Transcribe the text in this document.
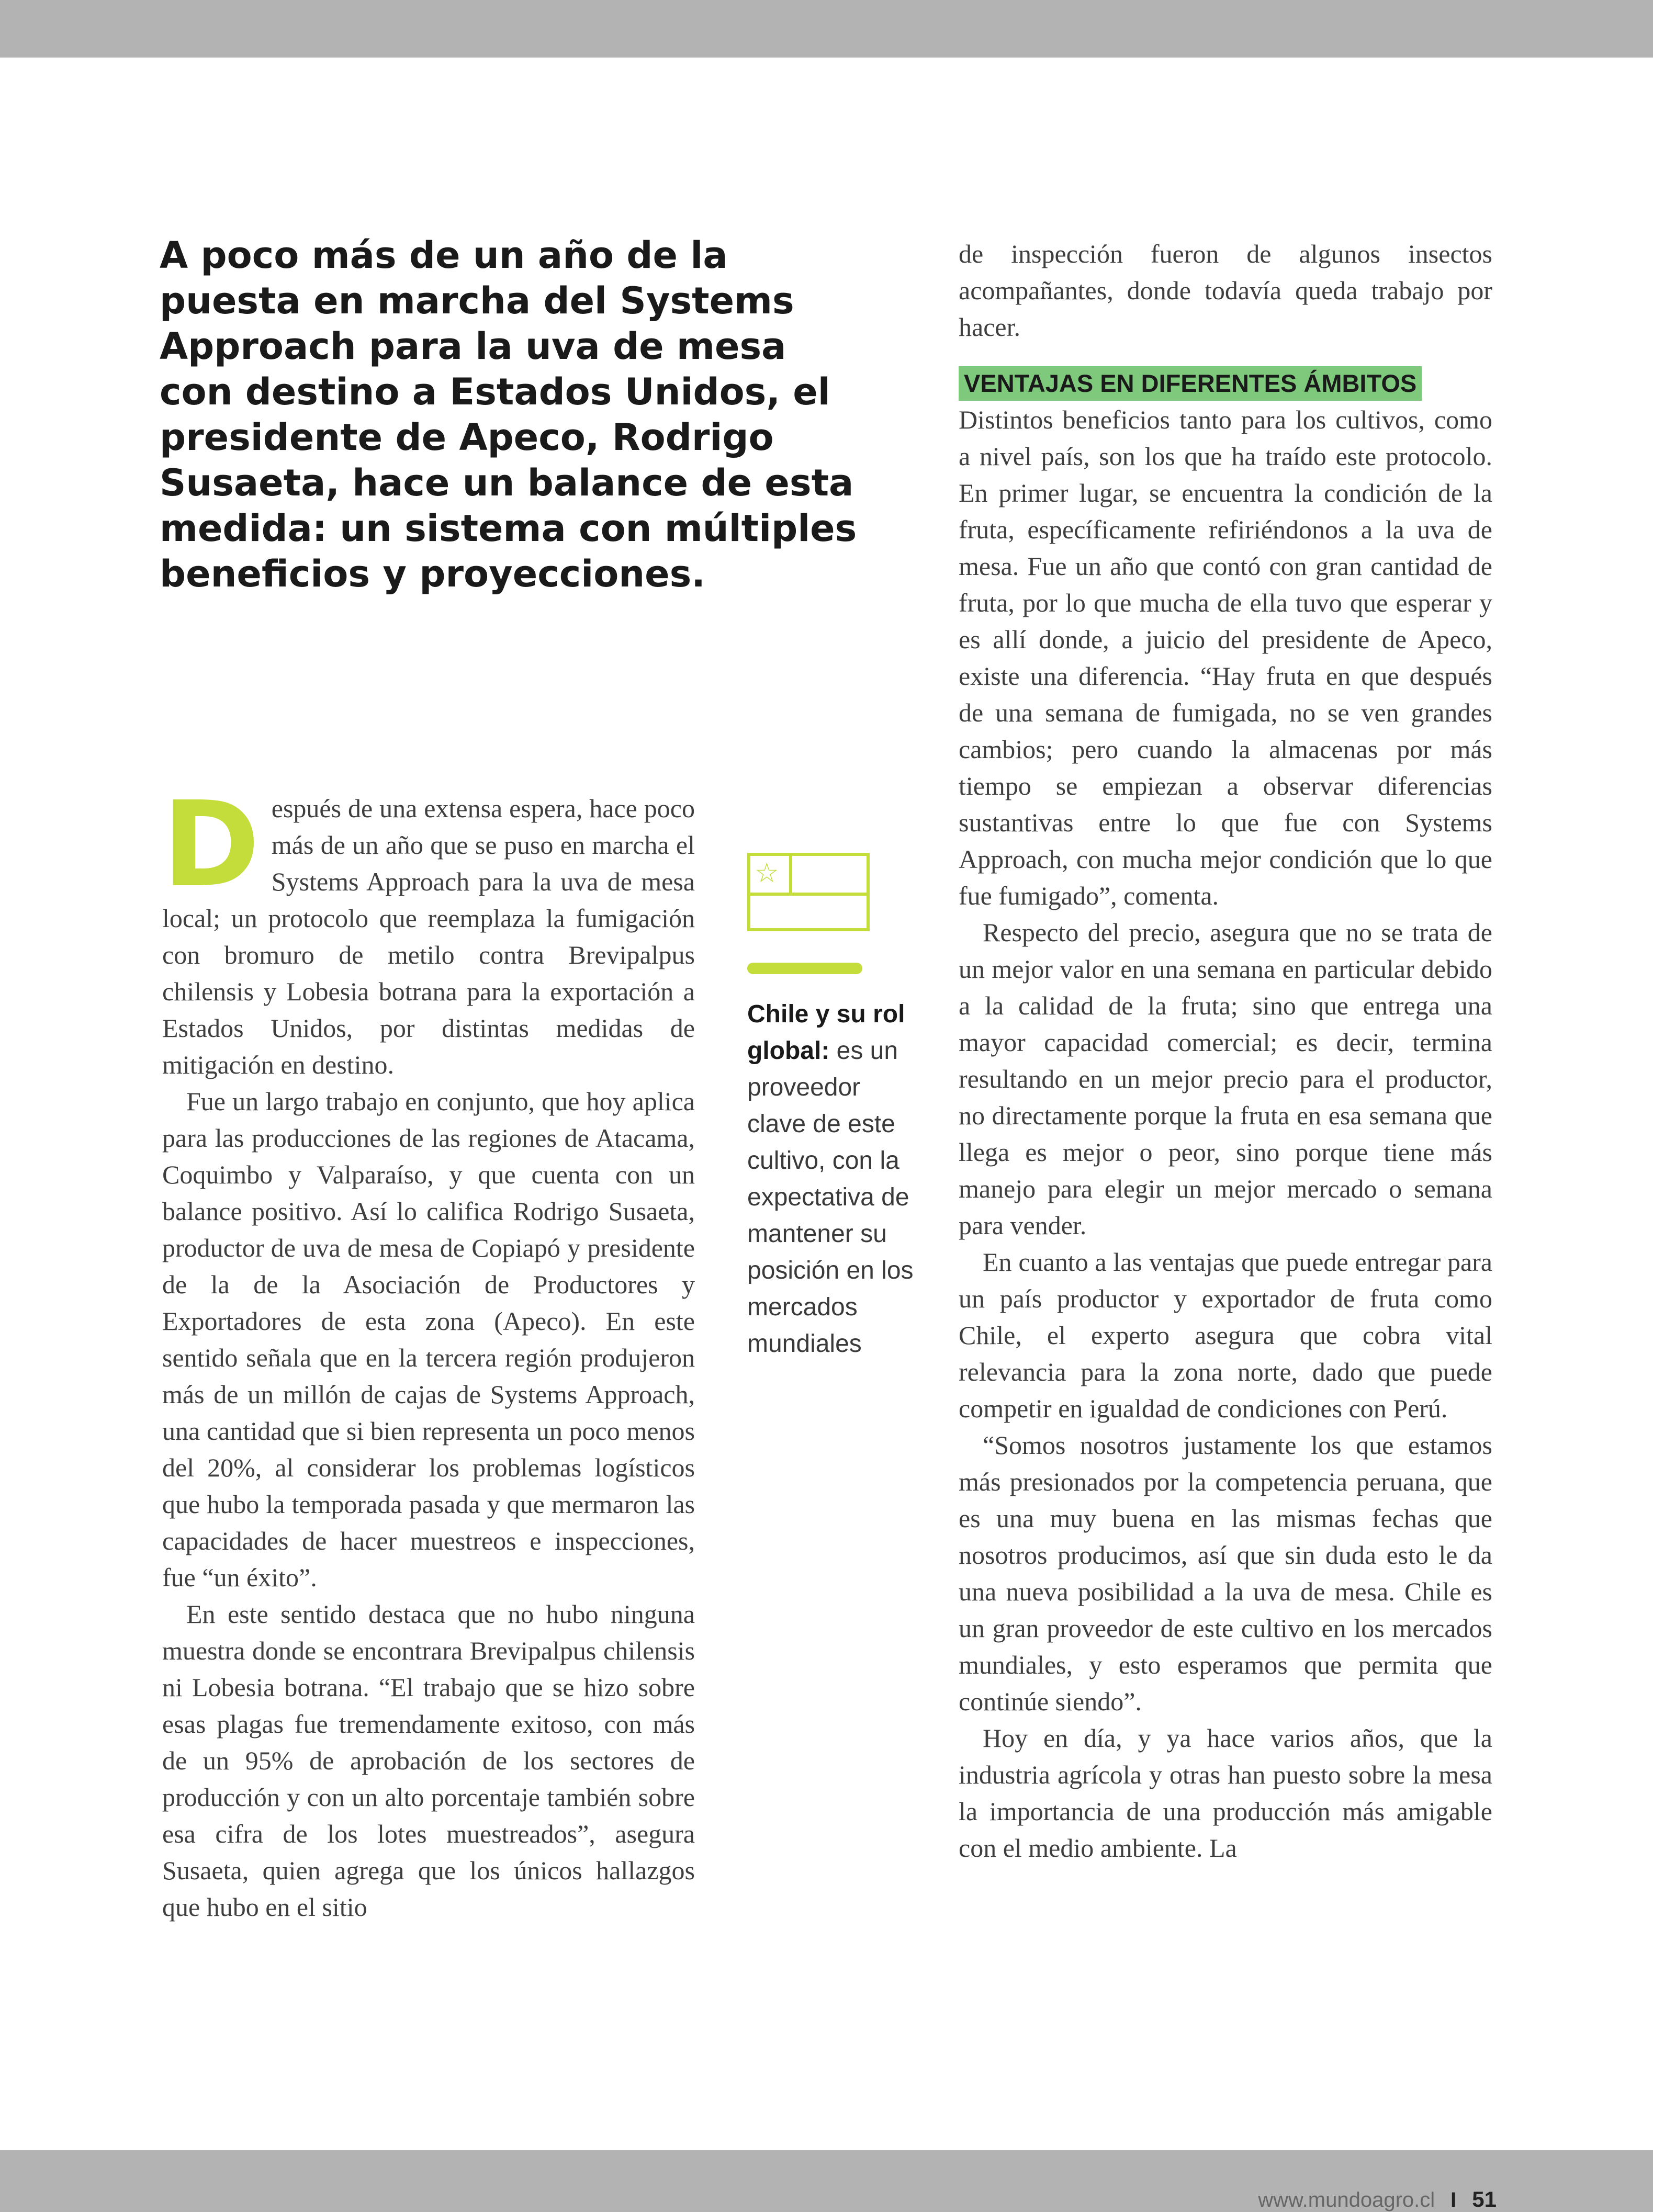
A poco más de un año de la puesta en marcha del Systems Approach para la uva de mesa con destino a Estados Unidos, el presidente de Apeco, Rodrigo Susaeta, hace un balance de esta medida: un sistema con múltiples beneficios y proyecciones.

Después de una extensa espera, hace poco más de un año que se puso en marcha el Systems Approach para la uva de mesa local; un protocolo que reemplaza la fumigación con bromuro de metilo contra Brevipalpus chilensis y Lobesia botrana para la exportación a Estados Unidos, por distintas medidas de mitigación en destino.

Fue un largo trabajo en conjunto, que hoy aplica para las producciones de las regiones de Atacama, Coquimbo y Valparaíso, y que cuenta con un balance positivo. Así lo califica Rodrigo Susaeta, productor de uva de mesa de Copiapó y presidente de la de la Asociación de Productores y Exportadores de esta zona (Apeco). En este sentido señala que en la tercera región produjeron más de un millón de cajas de Systems Approach, una cantidad que si bien representa un poco menos del 20%, al considerar los problemas logísticos que hubo la temporada pasada y que mermaron las capacidades de hacer muestreos e inspecciones, fue “un éxito”.

En este sentido destaca que no hubo ninguna muestra donde se encontrara Brevipalpus chilensis ni Lobesia botrana. “El trabajo que se hizo sobre esas plagas fue tremendamente exitoso, con más de un 95% de aprobación de los sectores de producción y con un alto porcentaje también sobre esa cifra de los lotes muestreados”, asegura Susaeta, quien agrega que los únicos hallazgos que hubo en el sitio

☆
Chile y su rol global: es un proveedor clave de este cultivo, con la expectativa de mantener su posición en los mercados mundiales

de inspección fueron de algunos insectos acompañantes, donde todavía queda trabajo por hacer.

VENTAJAS EN DIFERENTES ÁMBITOS

Distintos beneficios tanto para los cultivos, como a nivel país, son los que ha traído este protocolo. En primer lugar, se encuentra la condición de la fruta, específicamente refiriéndonos a la uva de mesa. Fue un año que contó con gran cantidad de fruta, por lo que mucha de ella tuvo que esperar y es allí donde, a juicio del presidente de Apeco, existe una diferencia. “Hay fruta en que después de una semana de fumigada, no se ven grandes cambios; pero cuando la almacenas por más tiempo se empiezan a observar diferencias sustantivas entre lo que fue con Systems Approach, con mucha mejor condición que lo que fue fumigado”, comenta.

Respecto del precio, asegura que no se trata de un mejor valor en una semana en particular debido a la calidad de la fruta; sino que entrega una mayor capacidad comercial; es decir, termina resultando en un mejor precio para el productor, no directamente porque la fruta en esa semana que llega es mejor o peor, sino porque tiene más manejo para elegir un mejor mercado o semana para vender.

En cuanto a las ventajas que puede entregar para un país productor y exportador de fruta como Chile, el experto asegura que cobra vital relevancia para la zona norte, dado que puede competir en igualdad de condiciones con Perú.

“Somos nosotros justamente los que estamos más presionados por la competencia peruana, que es una muy buena en las mismas fechas que nosotros producimos, así que sin duda esto le da una nueva posibilidad a la uva de mesa. Chile es un gran proveedor de este cultivo en los mercados mundiales, y esto esperamos que permita que continúe siendo”.

Hoy en día, y ya hace varios años, que la industria agrícola y otras han puesto sobre la mesa la importancia de una producción más amigable con el medio ambiente. La

www.mundoagro.cl I 51
